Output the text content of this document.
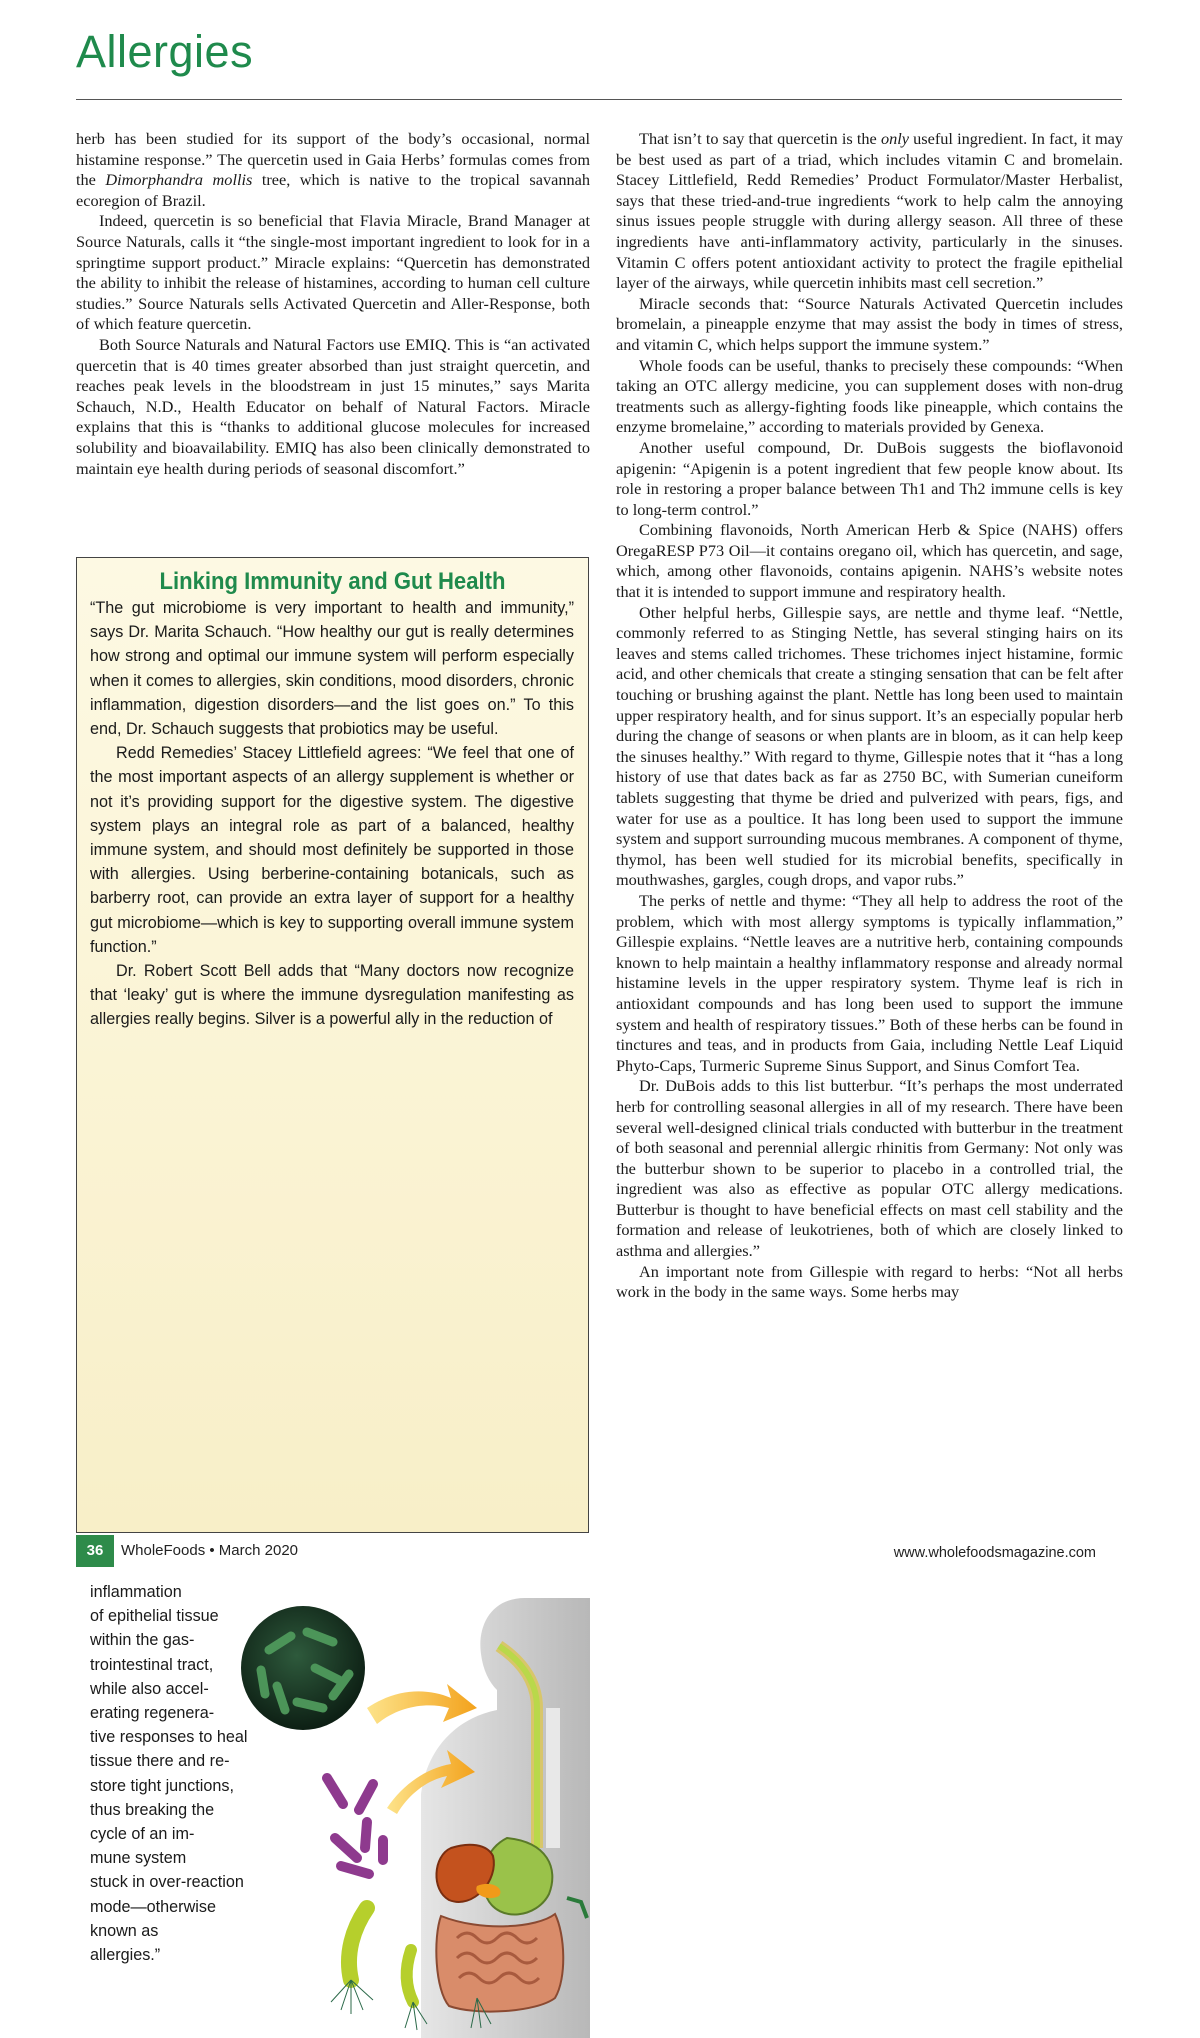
Allergies

herb has been studied for its support of the body’s occasional, normal histamine response.” The quercetin used in Gaia Herbs’ formulas comes from the Dimorphandra mollis tree, which is native to the tropical savannah ecoregion of Brazil.

Indeed, quercetin is so beneficial that Flavia Miracle, Brand Manager at Source Naturals, calls it “the single-most important ingredient to look for in a springtime support product.” Miracle explains: “Quercetin has demonstrated the ability to inhibit the release of histamines, according to human cell culture studies.” Source Naturals sells Activated Quercetin and Aller-Response, both of which feature quercetin.

Both Source Naturals and Natural Factors use EMIQ. This is “an activated quercetin that is 40 times greater absorbed than just straight quercetin, and reaches peak levels in the bloodstream in just 15 minutes,” says Marita Schauch, N.D., Health Educator on behalf of Natural Factors. Miracle explains that this is “thanks to additional glucose molecules for increased solubility and bioavailability. EMIQ has also been clinically demonstrated to maintain eye health during periods of seasonal discomfort.”

Linking Immunity and Gut Health

“The gut microbiome is very important to health and immunity,” says Dr. Marita Schauch. “How healthy our gut is really determines how strong and optimal our immune system will perform especially when it comes to allergies, skin conditions, mood disorders, chronic inflammation, digestion disorders—and the list goes on.” To this end, Dr. Schauch suggests that probiotics may be useful.

Redd Remedies’ Stacey Littlefield agrees: “We feel that one of the most important aspects of an allergy supplement is whether or not it’s providing support for the digestive system. The digestive system plays an integral role as part of a balanced, healthy immune system, and should most definitely be supported in those with allergies. Using berberine-containing botanicals, such as barberry root, can provide an extra layer of support for a healthy gut microbiome—which is key to supporting overall immune system function.”

Dr. Robert Scott Bell adds that “Many doctors now recognize that ‘leaky’ gut is where the immune dysregulation manifesting as allergies really begins. Silver is a powerful ally in the reduction of

inflammation
of epithelial tissue
within the gas-
trointestinal tract,
while also accel-
erating regenera-
tive responses to heal
tissue there and re-
store tight junctions,
thus breaking the
cycle of an im-
mune system
stuck in over-reaction
mode—otherwise
known as
allergies.”

That isn’t to say that quercetin is the only useful ingredient. In fact, it may be best used as part of a triad, which includes vitamin C and bromelain. Stacey Littlefield, Redd Remedies’ Product Formulator/Master Herbalist, says that these tried-and-true ingredients “work to help calm the annoying sinus issues people struggle with during allergy season. All three of these ingredients have anti-inflammatory activity, particularly in the sinuses. Vitamin C offers potent antioxidant activity to protect the fragile epithelial layer of the airways, while quercetin inhibits mast cell secretion.”

Miracle seconds that: “Source Naturals Activated Quercetin includes bromelain, a pineapple enzyme that may assist the body in times of stress, and vitamin C, which helps support the immune system.”

Whole foods can be useful, thanks to precisely these compounds: “When taking an OTC allergy medicine, you can supplement doses with non-drug treatments such as allergy-fighting foods like pineapple, which contains the enzyme bromelaine,” according to materials provided by Genexa.

Another useful compound, Dr. DuBois suggests the bioflavonoid apigenin: “Apigenin is a potent ingredient that few people know about. Its role in restoring a proper balance between Th1 and Th2 immune cells is key to long-term control.”

Combining flavonoids, North American Herb & Spice (NAHS) offers OregaRESP P73 Oil—it contains oregano oil, which has quercetin, and sage, which, among other flavonoids, contains apigenin. NAHS’s website notes that it is intended to support immune and respiratory health.

Other helpful herbs, Gillespie says, are nettle and thyme leaf. “Nettle, commonly referred to as Stinging Nettle, has several stinging hairs on its leaves and stems called trichomes. These trichomes inject histamine, formic acid, and other chemicals that create a stinging sensation that can be felt after touching or brushing against the plant. Nettle has long been used to maintain upper respiratory health, and for sinus support. It’s an especially popular herb during the change of seasons or when plants are in bloom, as it can help keep the sinuses healthy.” With regard to thyme, Gillespie notes that it “has a long history of use that dates back as far as 2750 BC, with Sumerian cuneiform tablets suggesting that thyme be dried and pulverized with pears, figs, and water for use as a poultice. It has long been used to support the immune system and support surrounding mucous membranes. A component of thyme, thymol, has been well studied for its microbial benefits, specifically in mouthwashes, gargles, cough drops, and vapor rubs.”

The perks of nettle and thyme: “They all help to address the root of the problem, which with most allergy symptoms is typically inflammation,” Gillespie explains. “Nettle leaves are a nutritive herb, containing compounds known to help maintain a healthy inflammatory response and already normal histamine levels in the upper respiratory system. Thyme leaf is rich in antioxidant compounds and has long been used to support the immune system and health of respiratory tissues.” Both of these herbs can be found in tinctures and teas, and in products from Gaia, including Nettle Leaf Liquid Phyto-Caps, Turmeric Supreme Sinus Support, and Sinus Comfort Tea.

Dr. DuBois adds to this list butterbur. “It’s perhaps the most underrated herb for controlling seasonal allergies in all of my research. There have been several well-designed clinical trials conducted with butterbur in the treatment of both seasonal and perennial allergic rhinitis from Germany: Not only was the butterbur shown to be superior to placebo in a controlled trial, the ingredient was also as effective as popular OTC allergy medications. Butterbur is thought to have beneficial effects on mast cell stability and the formation and release of leukotrienes, both of which are closely linked to asthma and allergies.”

An important note from Gillespie with regard to herbs: “Not all herbs work in the body in the same ways. Some herbs may

36	WholeFoods • March 2020	www.wholefoodsmagazine.com
